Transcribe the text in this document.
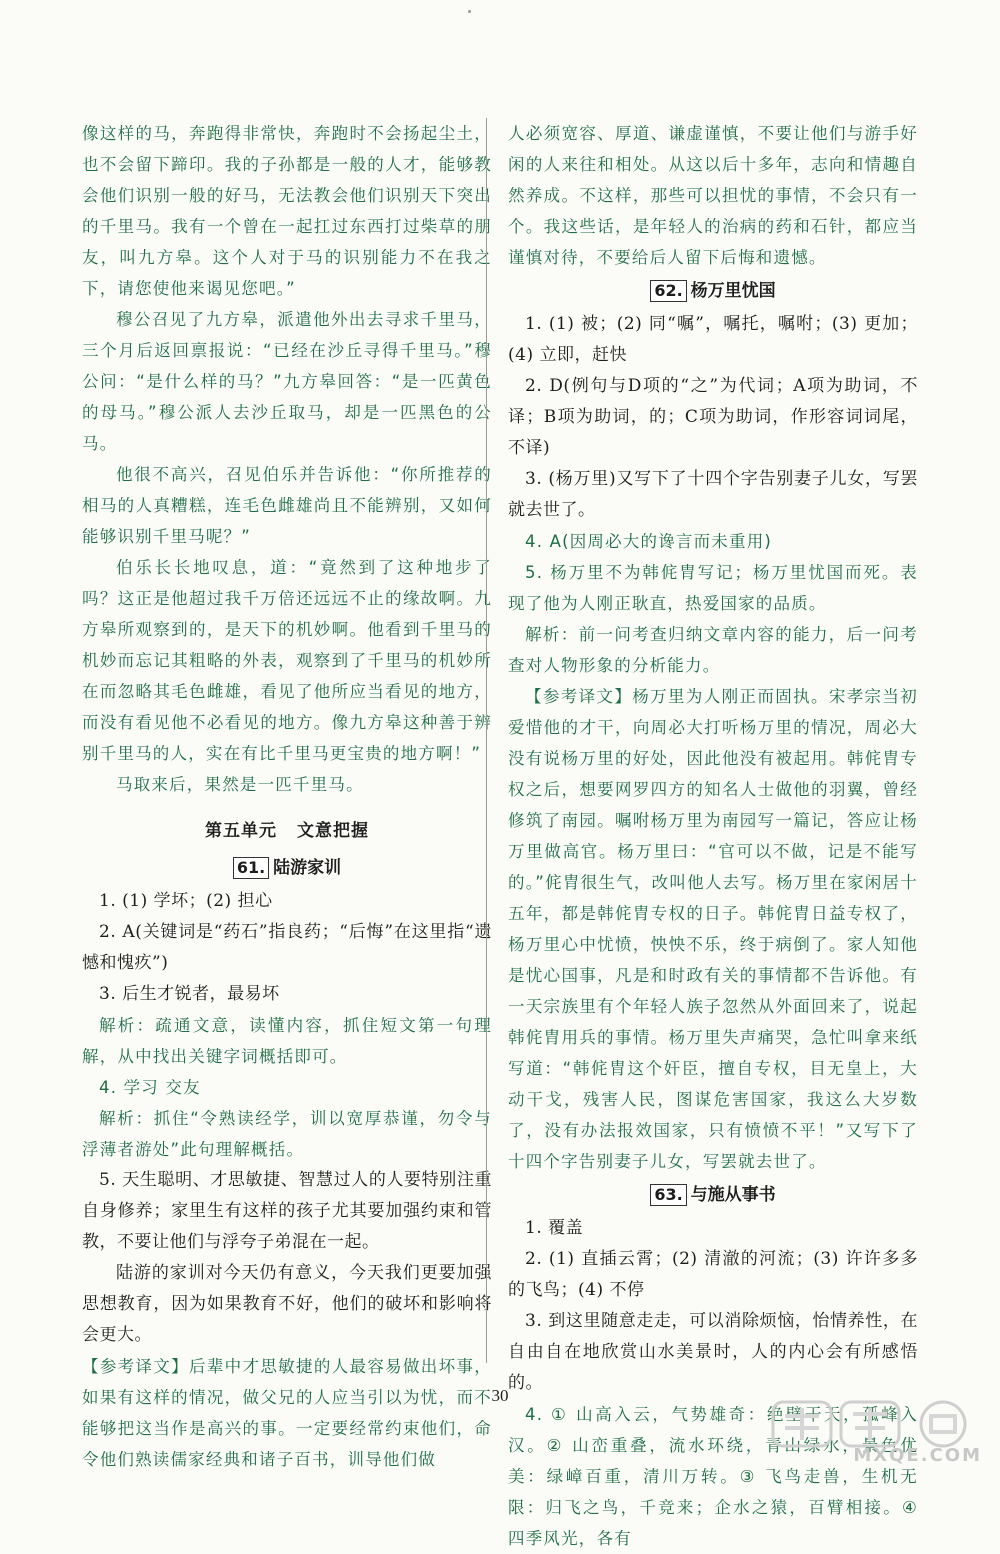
像这样的马，奔跑得非常快，奔跑时不会扬起尘土，也不会留下蹄印。我的子孙都是一般的人才，能够教会他们识别一般的好马，无法教会他们识别天下突出的千里马。我有一个曾在一起扛过东西打过柴草的朋友，叫九方皋。这个人对于马的识别能力不在我之下，请您使他来谒见您吧。”

穆公召见了九方皋，派遣他外出去寻求千里马，三个月后返回禀报说：“已经在沙丘寻得千里马。”穆公问：“是什么样的马？”九方皋回答：“是一匹黄色的母马。”穆公派人去沙丘取马，却是一匹黑色的公马。

他很不高兴，召见伯乐并告诉他：“你所推荐的相马的人真糟糕，连毛色雌雄尚且不能辨别，又如何能够识别千里马呢？”

伯乐长长地叹息，道：“竟然到了这种地步了吗？这正是他超过我千万倍还远远不止的缘故啊。九方皋所观察到的，是天下的机妙啊。他看到千里马的机妙而忘记其粗略的外表，观察到了千里马的机妙所在而忽略其毛色雌雄，看见了他所应当看见的地方，而没有看见他不必看见的地方。像九方皋这种善于辨别千里马的人，实在有比千里马更宝贵的地方啊！”

马取来后，果然是一匹千里马。

第五单元 文意把握
61. 陆游家训

1. (1) 学坏；(2) 担心

2. A(关键词是“药石”指良药；“后悔”在这里指“遗憾和愧疚”)

3. 后生才锐者，最易坏

解析：疏通文意，读懂内容，抓住短文第一句理解，从中找出关键字词概括即可。

4. 学习 交友

解析：抓住“令熟读经学，训以宽厚恭谨，勿令与浮薄者游处”此句理解概括。

5. 天生聪明、才思敏捷、智慧过人的人要特别注重自身修养；家里生有这样的孩子尤其要加强约束和管教，不要让他们与浮夸子弟混在一起。

陆游的家训对今天仍有意义，今天我们更要加强思想教育，因为如果教育不好，他们的破坏和影响将会更大。

【参考译文】后辈中才思敏捷的人最容易做出坏事，如果有这样的情况，做父兄的人应当引以为忧，而不能够把这当作是高兴的事。一定要经常约束他们，命令他们熟读儒家经典和诸子百书，训导他们做

人必须宽容、厚道、谦虚谨慎，不要让他们与游手好闲的人来往和相处。从这以后十多年，志向和情趣自然养成。不这样，那些可以担忧的事情，不会只有一个。我这些话，是年轻人的治病的药和石针，都应当谨慎对待，不要给后人留下后悔和遗憾。

62. 杨万里忧国

1. (1) 被；(2) 同“嘱”，嘱托，嘱咐；(3) 更加；(4) 立即，赶快

2. D(例句与D项的“之”为代词；A项为助词，不译；B项为助词，的；C项为助词，作形容词词尾，不译)

3. (杨万里)又写下了十四个字告别妻子儿女，写罢就去世了。

4. A(因周必大的谗言而未重用)

5. 杨万里不为韩侂胄写记；杨万里忧国而死。表现了他为人刚正耿直，热爱国家的品质。

解析：前一问考查归纳文章内容的能力，后一问考查对人物形象的分析能力。

【参考译文】杨万里为人刚正而固执。宋孝宗当初爱惜他的才干，向周必大打听杨万里的情况，周必大没有说杨万里的好处，因此他没有被起用。韩侂胄专权之后，想要网罗四方的知名人士做他的羽翼，曾经修筑了南园。嘱咐杨万里为南园写一篇记，答应让杨万里做高官。杨万里曰：“官可以不做，记是不能写的。”侂胄很生气，改叫他人去写。杨万里在家闲居十五年，都是韩侂胄专权的日子。韩侂胄日益专权了，杨万里心中忧愤，怏怏不乐，终于病倒了。家人知他是忧心国事，凡是和时政有关的事情都不告诉他。有一天宗族里有个年轻人族子忽然从外面回来了，说起韩侂胄用兵的事情。杨万里失声痛哭，急忙叫拿来纸写道：“韩侂胄这个奸臣，擅自专权，目无皇上，大动干戈，残害人民，图谋危害国家，我这么大岁数了，没有办法报效国家，只有愤愤不平！”又写下了十四个字告别妻子儿女，写罢就去世了。

63. 与施从事书

1. 覆盖

2. (1) 直插云霄；(2) 清澈的河流；(3) 许许多多的飞鸟；(4) 不停

3. 到这里随意走走，可以消除烦恼，怡情养性，在自由自在地欣赏山水美景时，人的内心会有所感悟的。

4. ① 山高入云，气势雄奇：绝壁干天，孤峰入汉。② 山峦重叠，流水环绕，青山绿水，景色优美：绿嶂百重，清川万转。③ 飞鸟走兽，生机无限：归飞之鸟，千竞来；企水之猿，百臂相接。④ 四季风光，各有

30
MXQE.COM
